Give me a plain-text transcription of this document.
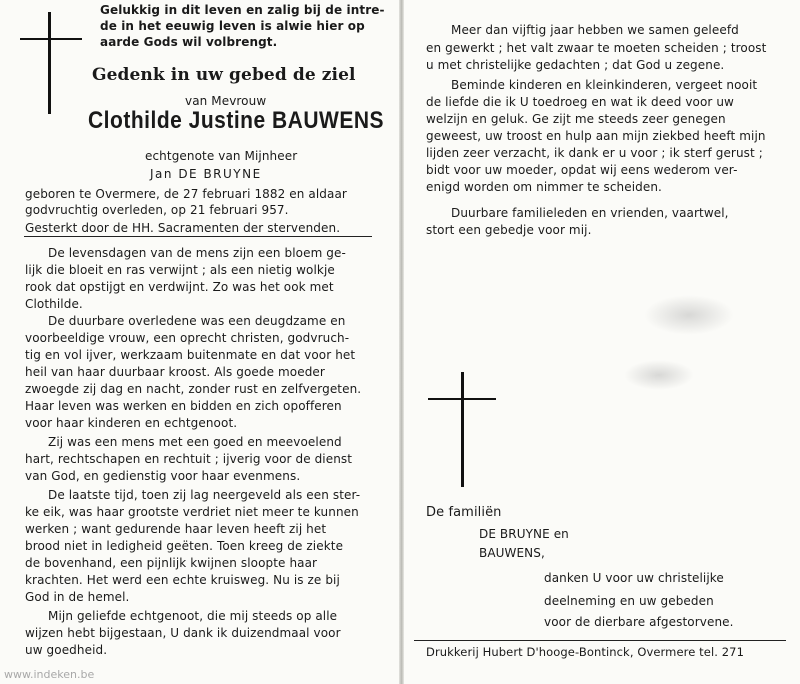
Gelukkig in dit leven en zalig bij de intre-
de in het eeuwig leven is alwie hier op
aarde Gods wil volbrengt.
Gedenk in uw gebed de ziel
van Mevrouw
Clothilde Justine BAUWENS
echtgenote van Mijnheer
Jan DE BRUYNE
geboren te Overmere, de 27 februari 1882 en aldaar
godvruchtig overleden, op 21 februari 957.
Gesterkt door de HH. Sacramenten der stervenden.
De levensdagen van de mens zijn een bloem ge-
lijk die bloeit en ras verwijnt ; als een nietig wolkje
rook dat opstijgt en verdwijnt. Zo was het ook met
Clothilde.
De duurbare overledene was een deugdzame en
voorbeeldige vrouw, een oprecht christen, godvruch-
tig en vol ijver, werkzaam buitenmate en dat voor het
heil van haar duurbaar kroost. Als goede moeder
zwoegde zij dag en nacht, zonder rust en zelfvergeten.
Haar leven was werken en bidden en zich opofferen
voor haar kinderen en echtgenoot.
Zij was een mens met een goed en meevoelend
hart, rechtschapen en rechtuit ; ijverig voor de dienst
van God, en gedienstig voor haar evenmens.
De laatste tijd, toen zij lag neergeveld als een ster-
ke eik, was haar grootste verdriet niet meer te kunnen
werken ; want gedurende haar leven heeft zij het
brood niet in ledigheid geëten. Toen kreeg de ziekte
de bovenhand, een pijnlijk kwijnen sloopte haar
krachten. Het werd een echte kruisweg. Nu is ze bij
God in de hemel.
Mijn geliefde echtgenoot, die mij steeds op alle
wijzen hebt bijgestaan, U dank ik duizendmaal voor
uw goedheid.
www.indeken.be
Meer dan vijftig jaar hebben we samen geleefd
en gewerkt ; het valt zwaar te moeten scheiden ; troost
u met christelijke gedachten ; dat God u zegene.
Beminde kinderen en kleinkinderen, vergeet nooit
de liefde die ik U toedroeg en wat ik deed voor uw
welzijn en geluk. Ge zijt me steeds zeer genegen
geweest, uw troost en hulp aan mijn ziekbed heeft mijn
lijden zeer verzacht, ik dank er u voor ; ik sterf gerust ;
bidt voor uw moeder, opdat wij eens wederom ver-
enigd worden om nimmer te scheiden.
Duurbare familieleden en vrienden, vaartwel,
stort een gebedje voor mij.
De familiën
DE BRUYNE en
BAUWENS,
danken U voor uw christelijke
deelneming en uw gebeden
voor de dierbare afgestorvene.
Drukkerij Hubert D'hooge-Bontinck, Overmere tel. 271
